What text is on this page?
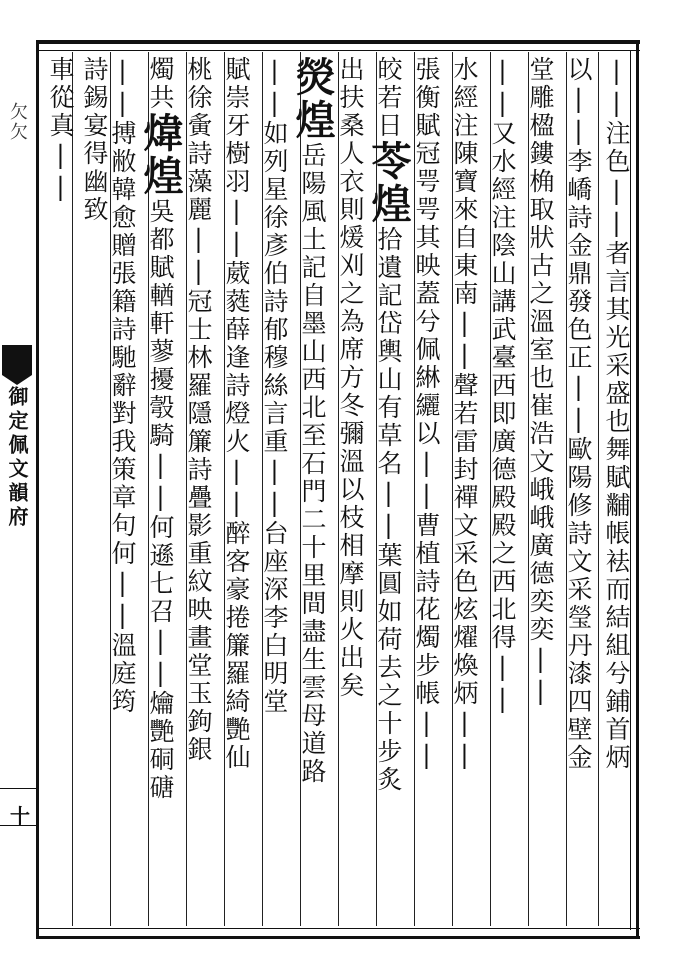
欠欠
御定佩文韻府
十
||注色||者言其光采盛也舞賦黼帳袪而結組兮鋪首炳
以||李嶠詩金鼎發色正||歐陽修詩文采瑩丹漆四壁金
堂雕楹鏤桷取狀古之溫室也崔浩文峨峨廣德奕奕||
||又水經注陰山講武臺西即廣德殿殿之西北得||
水經注陳寶來自東南||聲若雷封禪文采色炫燿煥炳||
張衡賦冠咢咢其映蓋兮佩綝纚以||曹植詩花燭步帳||
皎若日苓煌拾遺記岱輿山有草名||葉圓如荷去之十步炙
出扶桑人衣則煖刈之為席方冬彌溫以枝相摩則火出矣
熒煌岳陽風土記自墨山西北至石門二十里間盡生雲母道路
||如列星徐彥伯詩郁穆絲言重||台座深李白明堂
賦崇牙樹羽||葳蕤薛逢詩燈火||醉客豪捲簾羅綺艷仙
桃徐夤詩藻麗||冠士林羅隱簾詩疊影重紋映畫堂玉鉤銀
燭共煒煌吳都賦輶軒蓼擾彀騎||何遜七召||爚艷硐磄
||搏敝韓愈贈張籍詩馳辭對我策章句何||溫庭筠
詩錫宴得幽致
車從真||
